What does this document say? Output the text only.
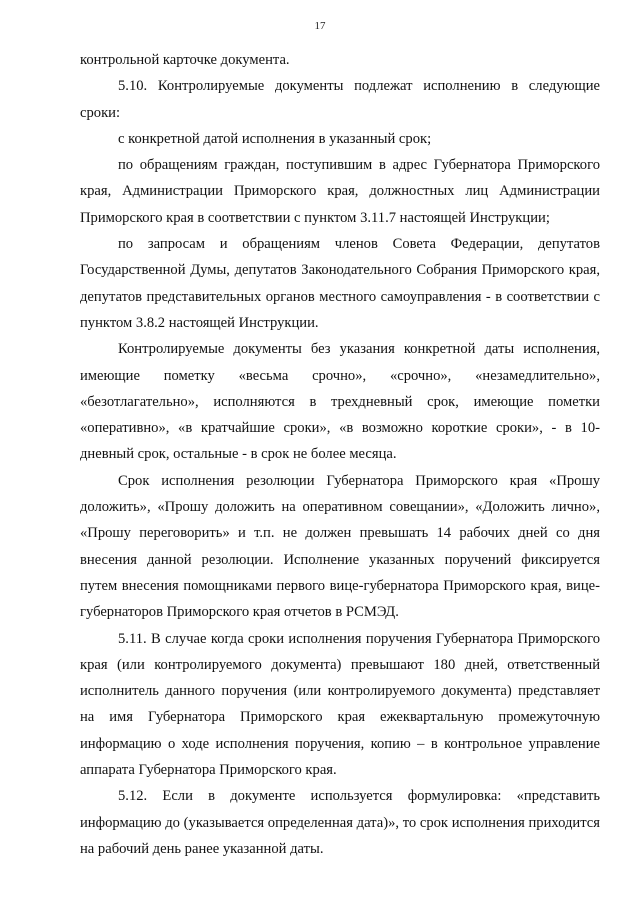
17

контрольной карточке документа.

5.10. Контролируемые документы подлежат исполнению в следующие сроки:

с конкретной датой исполнения в указанный срок;

по обращениям граждан, поступившим в адрес Губернатора Приморского края, Администрации Приморского края, должностных лиц Администрации Приморского края в соответствии с пунктом 3.11.7 настоящей Инструкции;

по запросам и обращениям членов Совета Федерации, депутатов Государственной Думы, депутатов Законодательного Собрания Приморского края, депутатов представительных органов местного самоуправления - в соответствии с пунктом 3.8.2 настоящей Инструкции.

Контролируемые документы без указания конкретной даты исполнения, имеющие пометку «весьма срочно», «срочно», «незамедлительно», «безотлагательно», исполняются в трехдневный срок, имеющие пометки «оперативно», «в кратчайшие сроки», «в возможно короткие сроки», - в 10-дневный срок, остальные - в срок не более месяца.

Срок исполнения резолюции Губернатора Приморского края «Прошу доложить», «Прошу доложить на оперативном совещании», «Доложить лично», «Прошу переговорить» и т.п. не должен превышать 14 рабочих дней со дня внесения данной резолюции. Исполнение указанных поручений фиксируется путем внесения помощниками первого вице-губернатора Приморского края, вице-губернаторов Приморского края отчетов в РСМЭД.

5.11. В случае когда сроки исполнения поручения Губернатора Приморского края (или контролируемого документа) превышают 180 дней, ответственный исполнитель данного поручения (или контролируемого документа) представляет на имя Губернатора Приморского края ежеквартальную промежуточную информацию о ходе исполнения поручения, копию – в контрольное управление аппарата Губернатора Приморского края.

5.12. Если в документе используется формулировка: «представить информацию до (указывается определенная дата)», то срок исполнения приходится на рабочий день ранее указанной даты.
